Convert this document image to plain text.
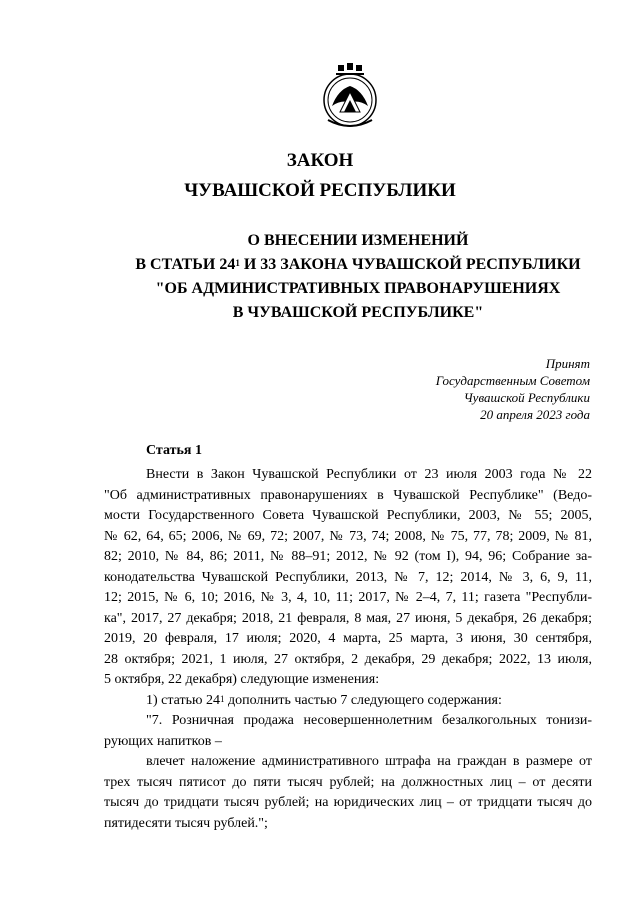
ЗАКОН
ЧУВАШСКОЙ РЕСПУБЛИКИ
О ВНЕСЕНИИ ИЗМЕНЕНИЙ
В СТАТЬИ $24^1$ И 33 ЗАКОНА ЧУВАШСКОЙ РЕСПУБЛИКИ
"ОБ АДМИНИСТРАТИВНЫХ ПРАВОНАРУШЕНИЯХ
В ЧУВАШСКОЙ РЕСПУБЛИКЕ"
Принят
Государственным Советом
Чувашской Республики
20 апреля 2023 года
Статья 1
Внести в Закон Чувашской Республики от 23 июля 2003 года № 22
"Об административных правонарушениях в Чувашской Республике" (Ведо-
мости Государственного Совета Чувашской Республики, 2003, № 55; 2005,
№ 62, 64, 65; 2006, № 69, 72; 2007, № 73, 74; 2008, № 75, 77, 78; 2009, № 81,
82; 2010, № 84, 86; 2011, № 88–91; 2012, № 92 (том I), 94, 96; Собрание за-
конодательства Чувашской Республики, 2013, № 7, 12; 2014, № 3, 6, 9, 11,
12; 2015, № 6, 10; 2016, № 3, 4, 10, 11; 2017, № 2–4, 7, 11; газета "Республи-
ка", 2017, 27 декабря; 2018, 21 февраля, 8 мая, 27 июня, 5 декабря, 26 декабря;
2019, 20 февраля, 17 июля; 2020, 4 марта, 25 марта, 3 июня, 30 сентября,
28 октября; 2021, 1 июля, 27 октября, 2 декабря, 29 декабря; 2022, 13 июля,
5 октября, 22 декабря) следующие изменения:
1) статью $24^1$ дополнить частью 7 следующего содержания:
"7. Розничная продажа несовершеннолетним безалкогольных тонизи-
рующих напитков –
влечет наложение административного штрафа на граждан в размере от
трех тысяч пятисот до пяти тысяч рублей; на должностных лиц – от десяти
тысяч до тридцати тысяч рублей; на юридических лиц – от тридцати тысяч до
пятидесяти тысяч рублей.";
